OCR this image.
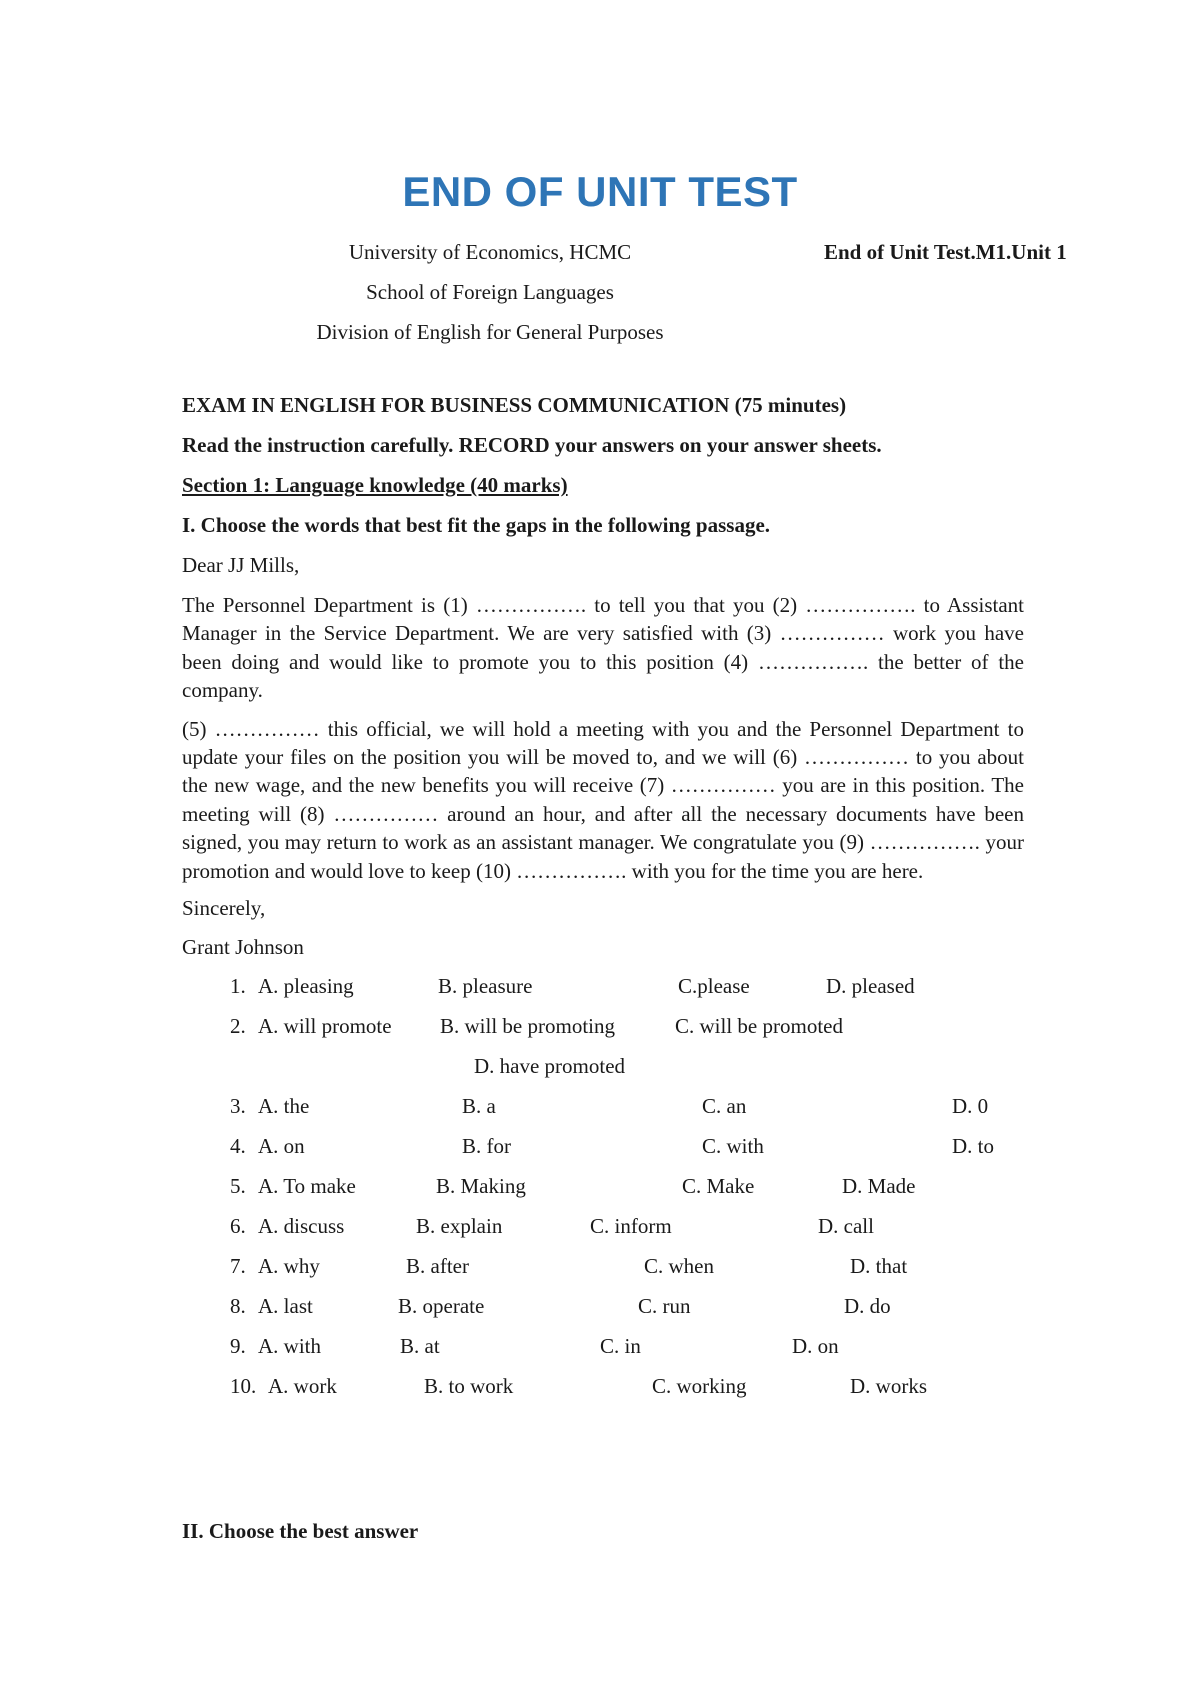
END OF UNIT TEST
University of Economics, HCMC
School of Foreign Languages
Division of English for General Purposes
End of Unit Test.M1.Unit 1
EXAM IN ENGLISH FOR BUSINESS COMMUNICATION (75 minutes)
Read the instruction carefully. RECORD your answers on your answer sheets.
Section 1: Language knowledge (40 marks)
I. Choose the words that best fit the gaps in the following passage.
Dear JJ Mills,
The Personnel Department is (1) ……………. to tell you that you (2) ……………. to Assistant Manager in the Service Department. We are very satisfied with (3) …………… work you have been doing and would like to promote you to this position (4) ……………. the better of the company.
(5) …………… this official, we will hold a meeting with you and the Personnel Department to update your files on the position you will be moved to, and we will (6) …………… to you about the new wage, and the new benefits you will receive (7) …………… you are in this position. The meeting will (8) …………… around an hour, and after all the necessary documents have been signed, you may return to work as an assistant manager. We congratulate you (9) ……………. your promotion and would love to keep (10) ……………. with you for the time you are here.
Sincerely,
Grant Johnson
1. A. pleasing	B. pleasure	C.please	D. pleased
2. A. will promote B. will be promoting	C. will be promoted
D. have promoted
3. A. the	B. a	C. an	D. 0
4. A. on	B. for	C. with	D. to
5. A. To make	B. Making	C. Make	D. Made
6. A. discuss	B. explain	C. inform	D. call
7. A. why	B. after	C. when	D. that
8. A. last	B. operate	C. run	D. do
9. A. with	B. at	C. in	D. on
10. A. work	B. to work	C. working	D. works
II. Choose the best answer
